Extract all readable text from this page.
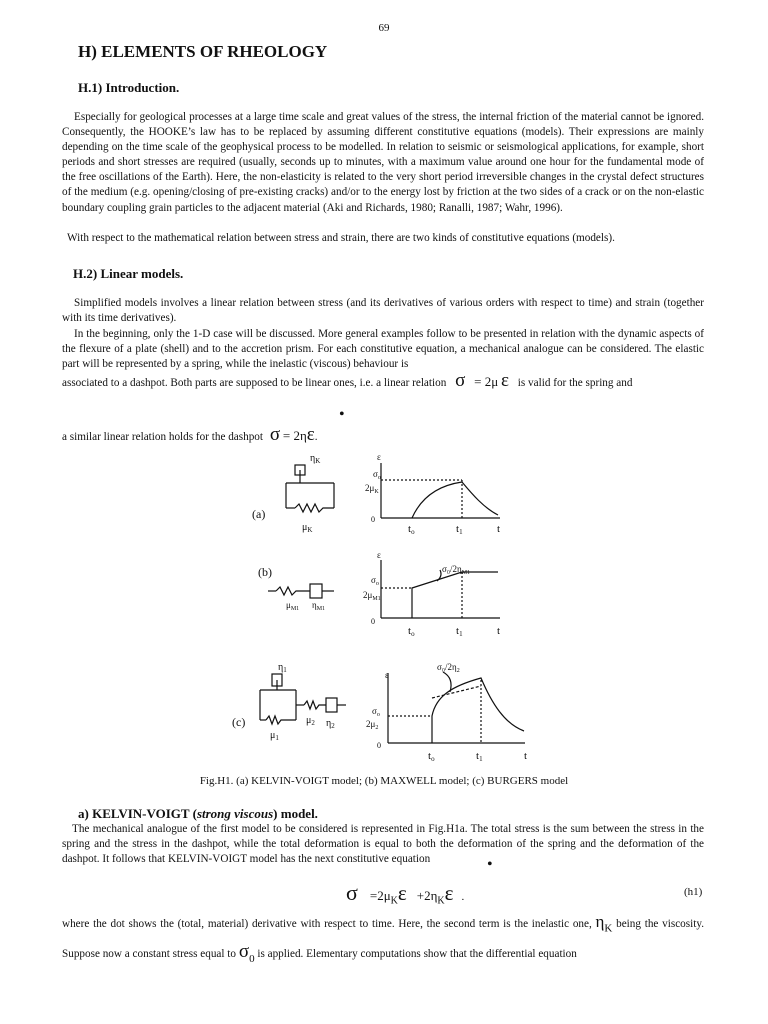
69
H) ELEMENTS OF RHEOLOGY
H.1) Introduction.

Especially for geological processes at a large time scale and great values of the stress, the internal friction of the material cannot be ignored. Consequently, the HOOKE’s law has to be replaced by assuming different constitutive equations (models). Their expressions are mainly depending on the time scale of the geophysical process to be modelled. In relation to seismic or seismological applications, for example, short periods and short stresses are required (usually, seconds up to minutes, with a maximum value around one hour for the fundamental mode of the free oscillations of the Earth). Here, the non-elasticity is related to the very short period irreversible changes in the crystal defect structures of the medium (e.g. opening/closing of pre-existing cracks) and/or to the energy lost by friction at the two sides of a crack or on the non-elastic boundary coupling grain particles to the adjacent material (Aki and Richards, 1980; Ranalli, 1987; Wahr, 1996).

With respect to the mathematical relation between stress and strain, there are two kinds of constitutive equations (models).

H.2) Linear models.

Simplified models involves a linear relation between stress (and its derivatives of various orders with respect to time) and strain (together with its time derivatives).

In the beginning, only the 1-D case will be discussed. More general examples follow to be presented in relation with the dynamic aspects of the flexure of a plate (shell) and to the accretion prism. For each constitutive equation, a mechanical analogue can be considered. The elastic part will be represented by a spring, while the inelastic (viscous) behaviour is

associated to a dashpot. Both parts are supposed to be linear ones, i.e. a linear relation σ = 2μ ε is valid for the spring and
•
a similar linear relation holds for the dashpot σ = 2ηε.
$\eta_K$
$\mu_K$
(a)
ε
$\sigma_o$
$2\mu_K$
0
to	t1	t
(b)
$\mu_{M1}$ $\eta_{M1}$
ε
$\sigma_0/2\eta_{M1}$
$\sigma_o$
$2\mu_{M1}$
0
to	t1	t
$\eta_1$
(c)
$\mu_1$
$\mu_2$ $\eta_2$
ε
$\sigma_0/2\eta_2$
$\sigma_o$
$2\mu_2$
0
to	t1	t
Fig.H1. (a) KELVIN-VOIGT model; (b) MAXWELL model; (c) BURGERS model
a) KELVIN-VOIGT (strong viscous) model.

The mechanical analogue of the first model to be considered is represented in Fig.H1a. The total stress is the sum between the stress in the spring and the stress in the dashpot, while the total deformation is equal to both the deformation of the spring and the deformation of the dashpot. It follows that KELVIN-VOIGT model has the next constitutive equation	•
$\sigma =2\mu_K\varepsilon +2\eta_K\varepsilon$ .	(h1)
where the dot shows the (total, material) derivative with respect to time. Here, the second term is the inelastic one, $\eta_K$ being the viscosity. Suppose now a constant stress equal to $\sigma_0$ is applied. Elementary computations show that the differential equation
